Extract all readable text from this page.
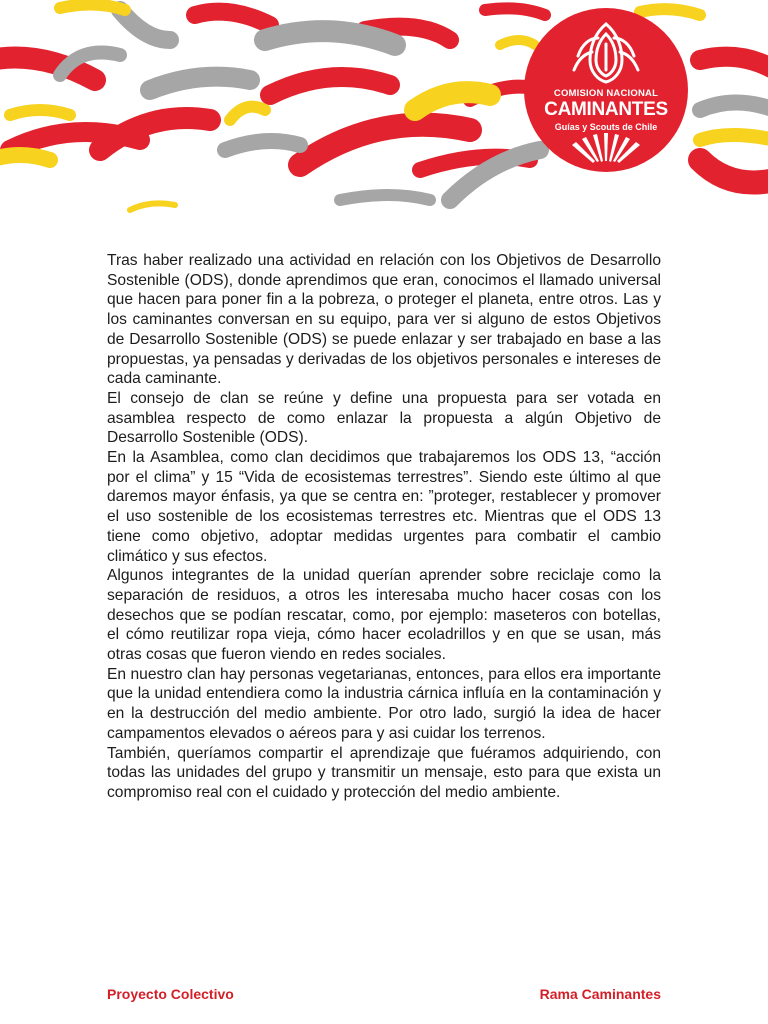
COMISION NACIONAL
CAMINANTES
Guías y Scouts de Chile

Tras haber realizado una actividad en relación con los Objetivos de Desarrollo Sostenible (ODS), donde aprendimos que eran, conocimos el llamado universal que hacen para poner fin a la pobreza, o proteger el planeta, entre otros. Las y los caminantes conversan en su equipo, para ver si alguno de estos Objetivos de Desarrollo Sostenible (ODS) se puede enlazar y ser trabajado en base a las propuestas, ya pensadas y derivadas de los objetivos personales e intereses de cada caminante.

El consejo de clan se reúne y define una propuesta para ser votada en asamblea respecto de como enlazar la propuesta a algún Objetivo de Desarrollo Sostenible (ODS).

En la Asamblea, como clan decidimos que trabajaremos los ODS 13, “acción por el clima” y 15 “Vida de ecosistemas terrestres”. Siendo este último al que daremos mayor énfasis, ya que se centra en: ”proteger, restablecer y promover el uso sostenible de los ecosistemas terrestres etc. Mientras que el ODS 13 tiene como objetivo, adoptar medidas urgentes para combatir el cambio climático y sus efectos.

Algunos integrantes de la unidad querían aprender sobre reciclaje como la separación de residuos, a otros les interesaba mucho hacer cosas con los desechos que se podían rescatar, como, por ejemplo: maseteros con botellas, el cómo reutilizar ropa vieja, cómo hacer ecoladrillos y en que se usan, más otras cosas que fueron viendo en redes sociales.

En nuestro clan hay personas vegetarianas, entonces, para ellos era importante que la unidad entendiera como la industria cárnica influía en la contaminación y en la destrucción del medio ambiente. Por otro lado, surgió la idea de hacer campamentos elevados o aéreos para y asi cuidar los terrenos.

También, queríamos compartir el aprendizaje que fuéramos adquiriendo, con todas las unidades del grupo y transmitir un mensaje, esto para que exista un compromiso real con el cuidado y protección del medio ambiente.

Proyecto Colectivo	Rama Caminantes
